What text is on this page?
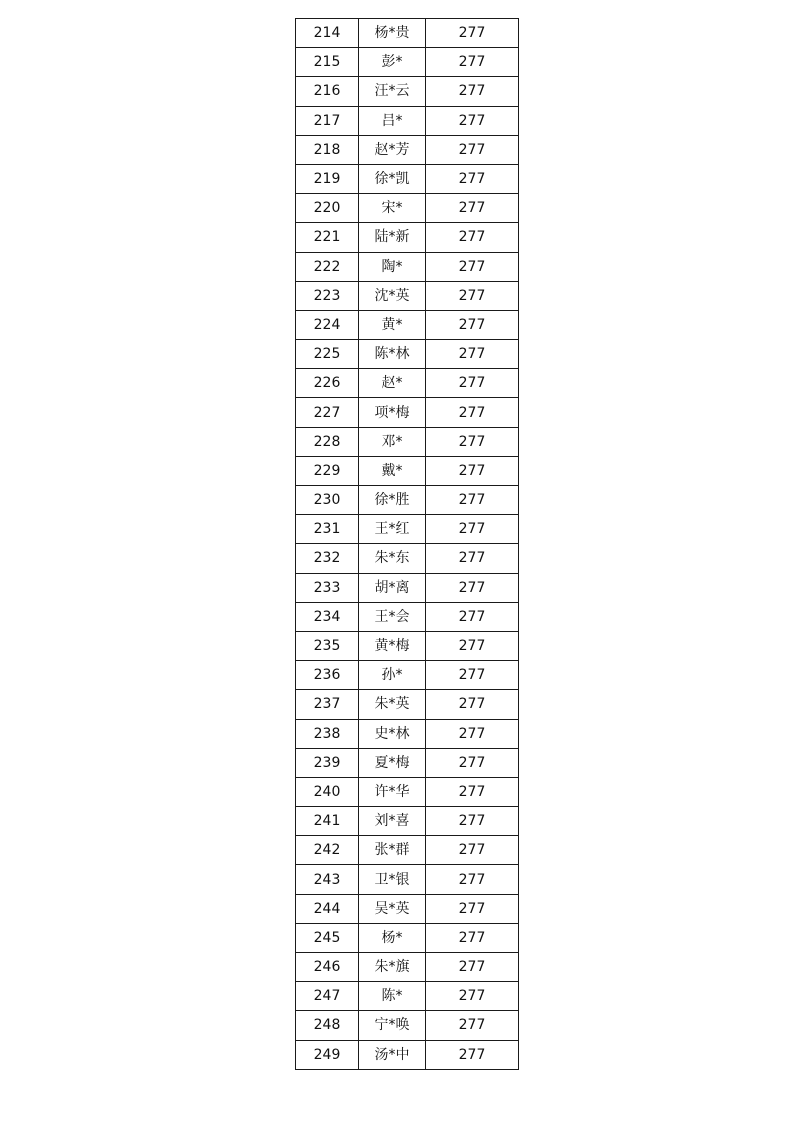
214	杨*贵	277
215	彭*	277
216	汪*云	277
217	吕*	277
218	赵*芳	277
219	徐*凯	277
220	宋*	277
221	陆*新	277
222	陶*	277
223	沈*英	277
224	黄*	277
225	陈*林	277
226	赵*	277
227	项*梅	277
228	邓*	277
229	戴*	277
230	徐*胜	277
231	王*红	277
232	朱*东	277
233	胡*离	277
234	王*会	277
235	黄*梅	277
236	孙*	277
237	朱*英	277
238	史*林	277
239	夏*梅	277
240	许*华	277
241	刘*喜	277
242	张*群	277
243	卫*银	277
244	吴*英	277
245	杨*	277
246	朱*旗	277
247	陈*	277
248	宁*唤	277
249	汤*中	277
